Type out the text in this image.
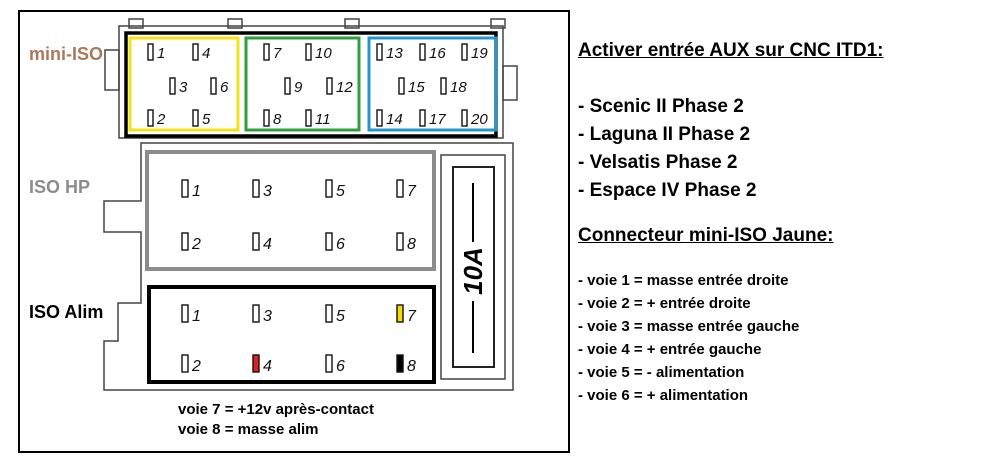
1 4
3 6
2 5
7 10
9 12
8 11
13 16 19
15 18
14 17 20
10A
1	3	5	7
2	4	6	8
1	3	5	7
2	4	6	8
mini-ISO
ISO HP
ISO Alim
voie 7 = +12v après-contact
voie 8 = masse alim
Activer entrée AUX sur CNC ITD1:
- Scenic II Phase 2
- Laguna II Phase 2
- Velsatis Phase 2
- Espace IV Phase 2
Connecteur mini-ISO Jaune:
- voie 1 = masse entrée droite
- voie 2 = + entrée droite
- voie 3 = masse entrée gauche
- voie 4 = + entrée gauche
- voie 5 = - alimentation
- voie 6 = + alimentation
